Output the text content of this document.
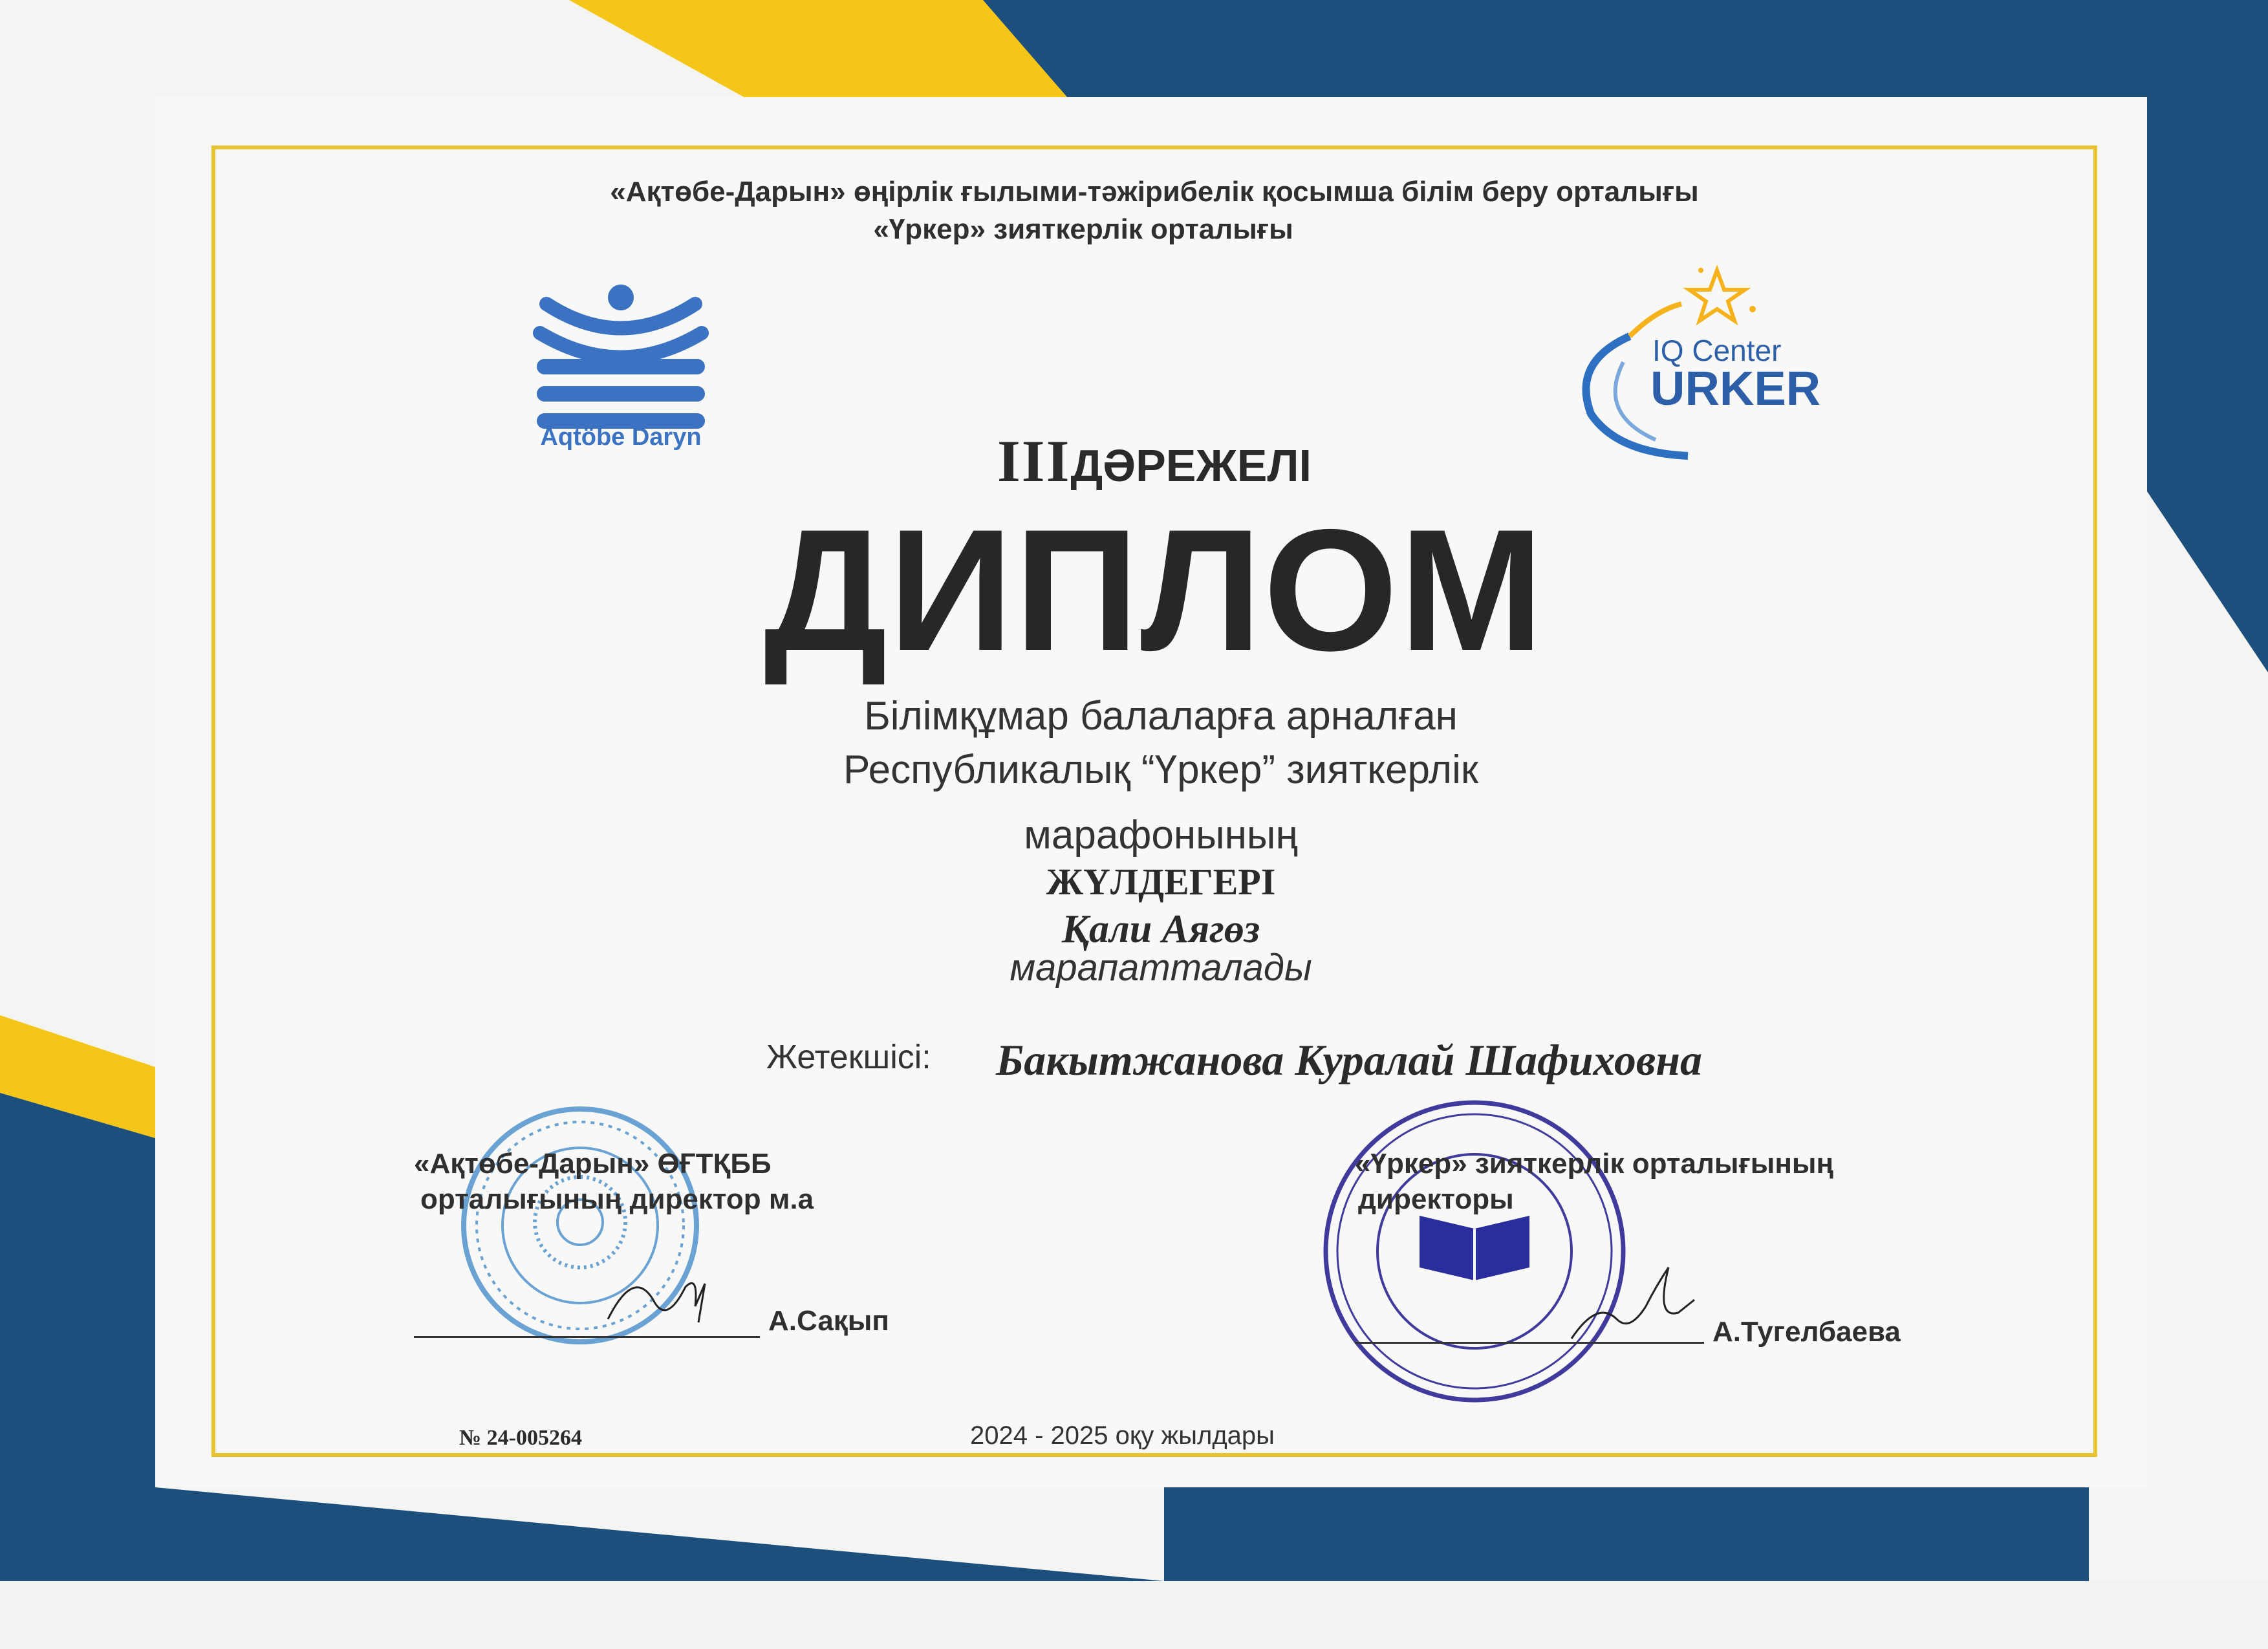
«Ақтөбе-Дарын» өңірлік ғылыми-тәжірибелік қосымша білім беру орталығы

«Үркер» зияткерлік орталығы

Aqtöbe Daryn

IQ Center

URKER

IIIДӘРЕЖЕЛІ

ДИПЛОМ

Білімқұмар балаларға арналған

Республикалық “Үркер” зияткерлік

марафонының

ЖҮЛДЕГЕРІ

Қали Аягөз

марапатталады

Жетекшісі: Бакытжанова Куралай Шафиховна

«Ақтөбе-Дарын» ӨҒТҚББ

орталығының директор м.а

А.Сақып

«Үркер» зияткерлік орталығының

директоры

А.Тугелбаева

№ 24-005264	2024 - 2025 оқу жылдары
